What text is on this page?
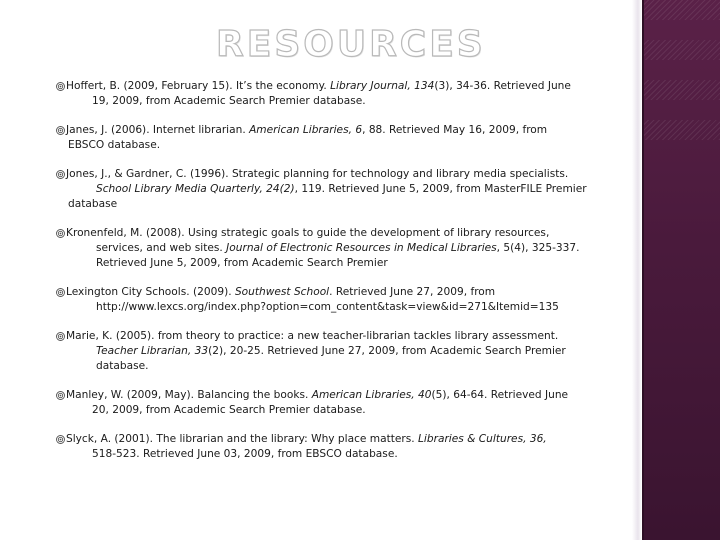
RESOURCES
Hoffert, B. (2009, February 15). It’s the economy. Library Journal, 134(3), 34-36. Retrieved June
19, 2009, from Academic Search Premier database.
Janes, J. (2006). Internet librarian. American Libraries, 6, 88. Retrieved May 16, 2009, from
EBSCO database.
Jones, J., & Gardner, C. (1996). Strategic planning for technology and library media specialists.
School Library Media Quarterly, 24(2), 119. Retrieved June 5, 2009, from MasterFILE Premier
database
Kronenfeld, M. (2008). Using strategic goals to guide the development of library resources,
services, and web sites. Journal of Electronic Resources in Medical Libraries, 5(4), 325-337.
Retrieved June 5, 2009, from Academic Search Premier
Lexington City Schools. (2009). Southwest School. Retrieved June 27, 2009, from
http://www.lexcs.org/index.php?option=com_content&task=view&id=271&Itemid=135
Marie, K. (2005). from theory to practice: a new teacher-librarian tackles library assessment.
Teacher Librarian, 33(2), 20-25. Retrieved June 27, 2009, from Academic Search Premier
database.
Manley, W. (2009, May). Balancing the books. American Libraries, 40(5), 64-64. Retrieved June
20, 2009, from Academic Search Premier database.
Slyck, A. (2001). The librarian and the library: Why place matters. Libraries & Cultures, 36,
518-523. Retrieved June 03, 2009, from EBSCO database.
